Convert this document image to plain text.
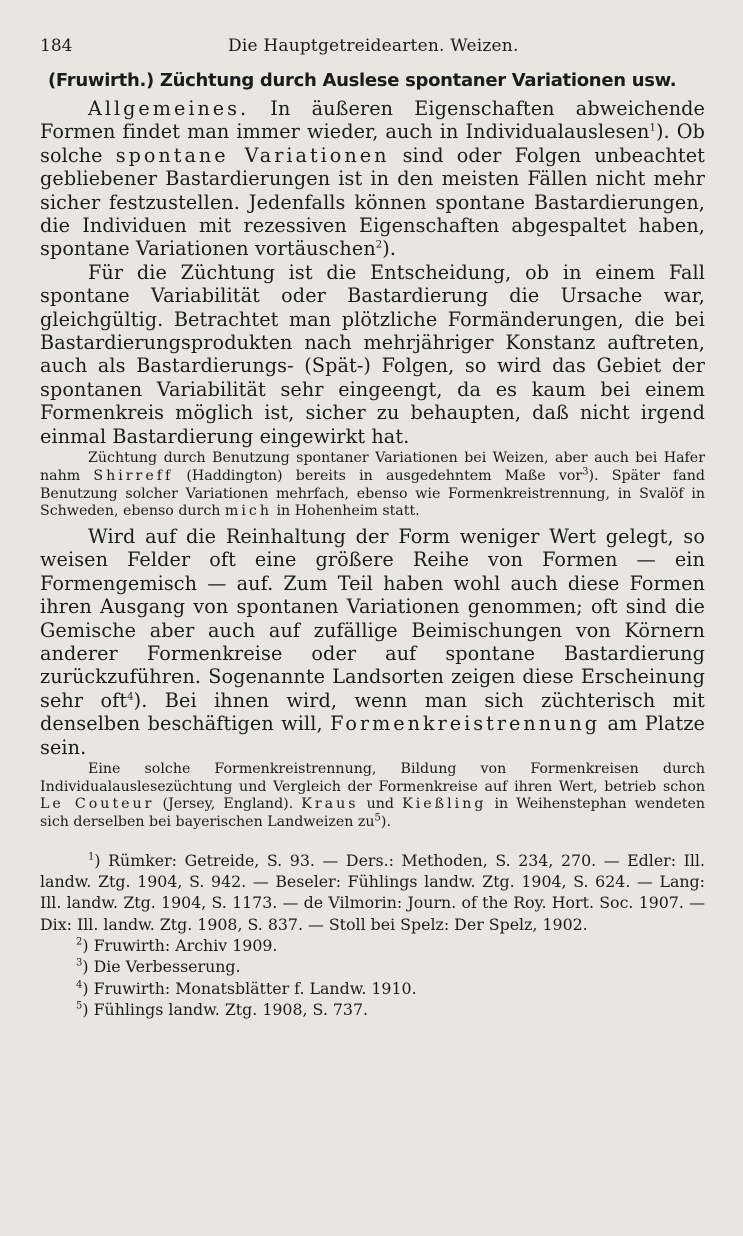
184	Die Hauptgetreidearten. Weizen.
(Fruwirth.) Züchtung durch Auslese spontaner Variationen usw.

Allgemeines. In äußeren Eigenschaften abweichende Formen findet man immer wieder, auch in Individualauslesen$^1$). Ob solche spontane Variationen sind oder Folgen unbeachtet gebliebener Bastardierungen ist in den meisten Fällen nicht mehr sicher festzustellen. Jedenfalls können spontane Bastardierungen, die Individuen mit rezessiven Eigenschaften abgespaltet haben, spontane Variationen vortäuschen$^2$).

Für die Züchtung ist die Entscheidung, ob in einem Fall spontane Variabilität oder Bastardierung die Ursache war, gleichgültig. Betrachtet man plötzliche Formänderungen, die bei Bastardierungsprodukten nach mehrjähriger Konstanz auftreten, auch als Bastardierungs- (Spät-) Folgen, so wird das Gebiet der spontanen Variabilität sehr eingeengt, da es kaum bei einem Formenkreis möglich ist, sicher zu behaupten, daß nicht irgend einmal Bastardierung eingewirkt hat.

Züchtung durch Benutzung spontaner Variationen bei Weizen, aber auch bei Hafer nahm Shirreff (Haddington) bereits in ausgedehntem Maße vor$^3$). Später fand Benutzung solcher Variationen mehrfach, ebenso wie Formenkreistrennung, in Svalöf in Schweden, ebenso durch mich in Hohenheim statt.

Wird auf die Reinhaltung der Form weniger Wert gelegt, so weisen Felder oft eine größere Reihe von Formen — ein Formengemisch — auf. Zum Teil haben wohl auch diese Formen ihren Ausgang von spontanen Variationen genommen; oft sind die Gemische aber auch auf zufällige Beimischungen von Körnern anderer Formenkreise oder auf spontane Bastardierung zurückzuführen. Sogenannte Landsorten zeigen diese Erscheinung sehr oft$^4$). Bei ihnen wird, wenn man sich züchterisch mit denselben beschäftigen will, Formenkreistrennung am Platze sein.

Eine solche Formenkreistrennung, Bildung von Formenkreisen durch Individualauslesezüchtung und Vergleich der Formenkreise auf ihren Wert, betrieb schon Le Couteur (Jersey, England). Kraus und Kießling in Weihenstephan wendeten sich derselben bei bayerischen Landweizen $zu^5$).

$^1$) Rümker: Getreide, S. 93. — Ders.: Methoden, S. 234, 270. — Edler: Ill. landw. Ztg. 1904, S. 942. — Beseler: Fühlings landw. Ztg. 1904, S. 624. — Lang: Ill. landw. Ztg. 1904, S. 1173. — de Vilmorin: Journ. of the Roy. Hort. Soc. 1907. — Dix: Ill. landw. Ztg. 1908, S. 837. — Stoll bei Spelz: Der Spelz, 1902.

$^2$) Fruwirth: Archiv 1909.

$^3$) Die Verbesserung.

$^4$) Fruwirth: Monatsblätter f. Landw. 1910.

$^5$) Fühlings landw. Ztg. 1908, S. 737.
